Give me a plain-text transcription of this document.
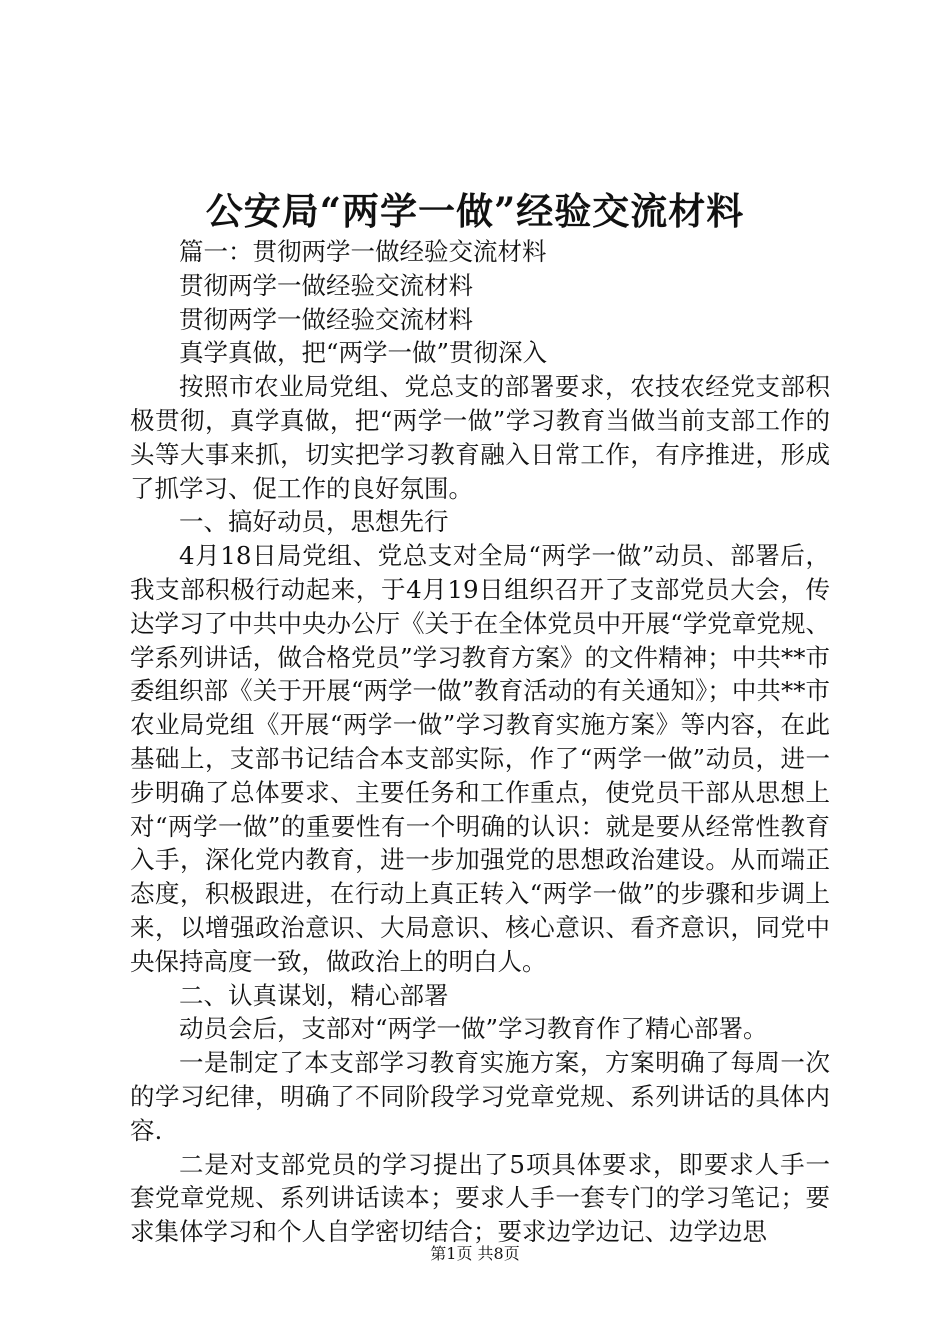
公安局“两学一做”经验交流材料

篇一：贯彻两学一做经验交流材料

贯彻两学一做经验交流材料

贯彻两学一做经验交流材料

真学真做，把“两学一做”贯彻深入

按照市农业局党组、党总支的部署要求，农技农经党支部积极贯彻，真学真做，把“两学一做”学习教育当做当前支部工作的头等大事来抓，切实把学习教育融入日常工作，有序推进，形成了抓学习、促工作的良好氛围。

一、搞好动员，思想先行

4月18日局党组、党总支对全局“两学一做”动员、部署后，我支部积极行动起来，于4月19日组织召开了支部党员大会，传达学习了中共中央办公厅《关于在全体党员中开展“学党章党规、学系列讲话，做合格党员”学习教育方案》的文件精神；中共**市委组织部《关于开展“两学一做”教育活动的有关通知》；中共**市农业局党组《开展“两学一做”学习教育实施方案》等内容，在此基础上，支部书记结合本支部实际，作了“两学一做”动员，进一步明确了总体要求、主要任务和工作重点，使党员干部从思想上对“两学一做”的重要性有一个明确的认识：就是要从经常性教育入手，深化党内教育，进一步加强党的思想政治建设。从而端正态度，积极跟进，在行动上真正转入“两学一做”的步骤和步调上来，以增强政治意识、大局意识、核心意识、看齐意识，同党中央保持高度一致，做政治上的明白人。

二、认真谋划，精心部署

动员会后，支部对“两学一做”学习教育作了精心部署。

一是制定了本支部学习教育实施方案，方案明确了每周一次的学习纪律，明确了不同阶段学习党章党规、系列讲话的具体内容.

二是对支部党员的学习提出了5项具体要求，即要求人手一套党章党规、系列讲话读本；要求人手一套专门的学习笔记；要求集体学习和个人自学密切结合；要求边学边记、边学边思

第1页 共8页
